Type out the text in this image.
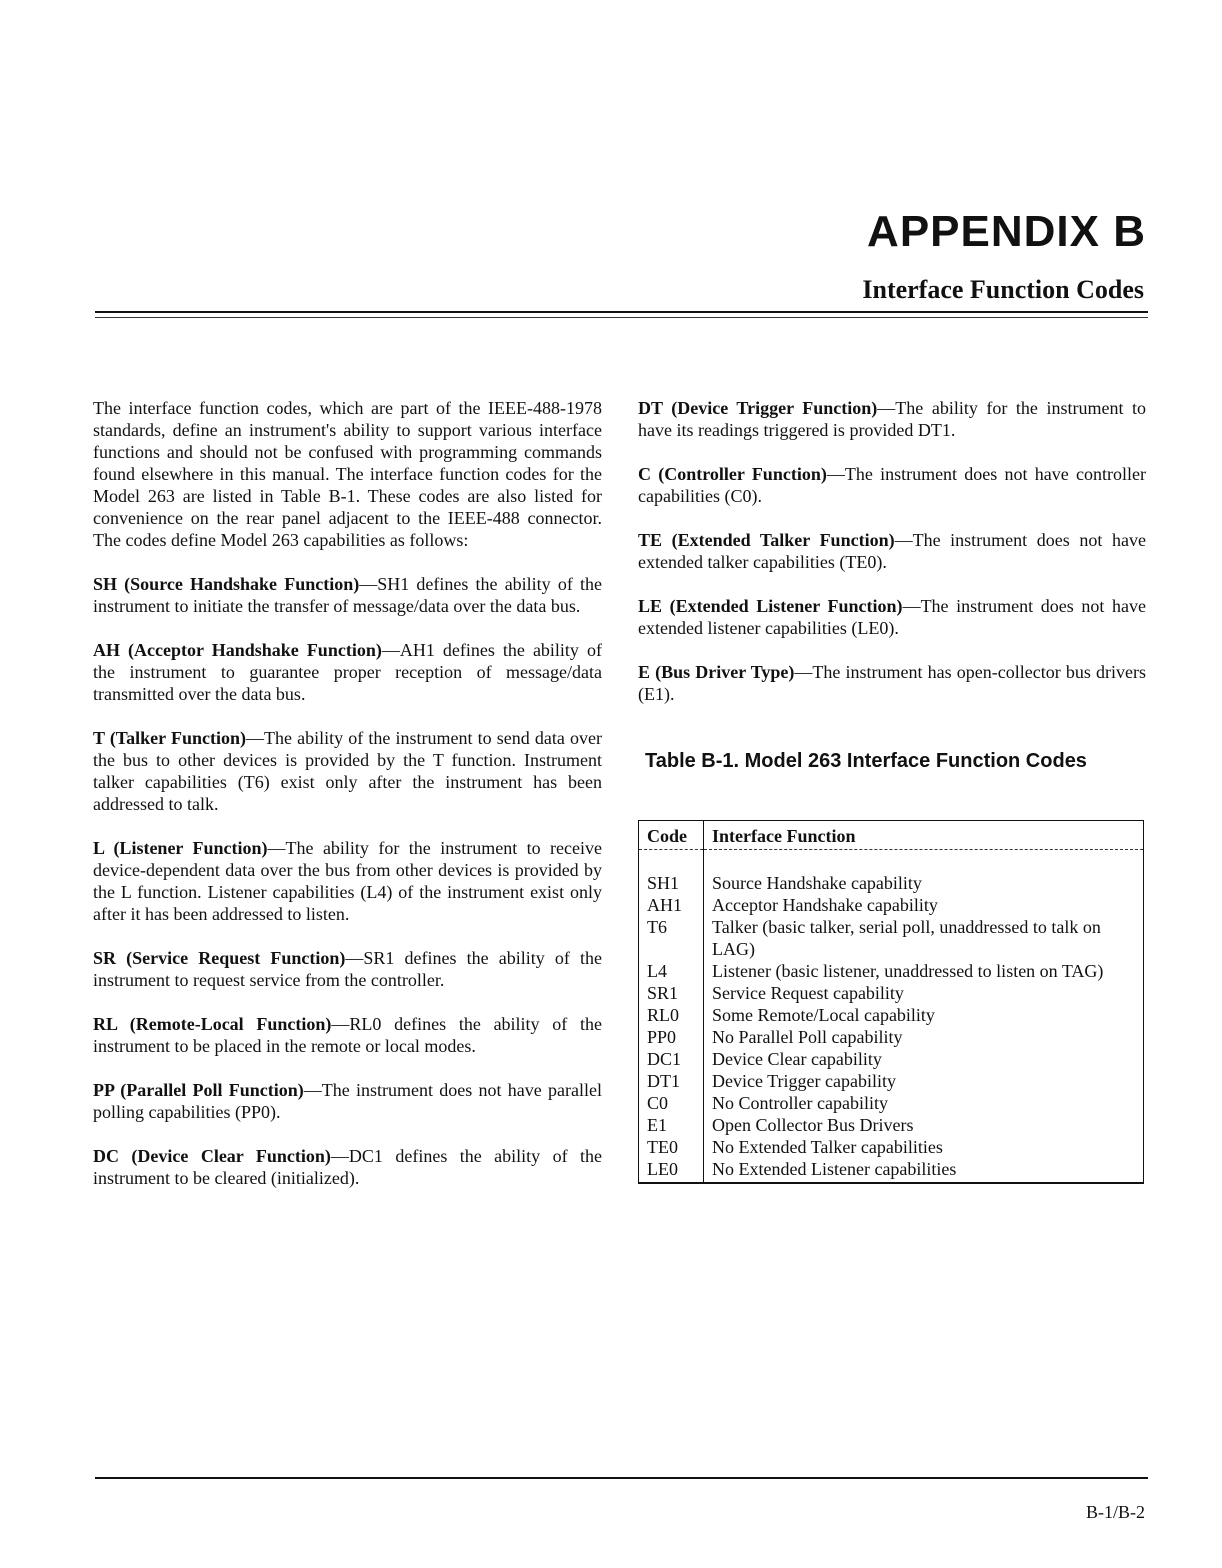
APPENDIX B
Interface Function Codes

The interface function codes, which are part of the IEEE-488-1978 standards, define an instrument's ability to support various interface functions and should not be confused with programming commands found elsewhere in this manual. The interface function codes for the Model 263 are listed in Table B-1. These codes are also listed for convenience on the rear panel adjacent to the IEEE-488 connector. The codes define Model 263 capabilities as follows:

SH (Source Handshake Function)—SH1 defines the ability of the instrument to initiate the transfer of message/data over the data bus.

AH (Acceptor Handshake Function)—AH1 defines the ability of the instrument to guarantee proper reception of message/data transmitted over the data bus.

T (Talker Function)—The ability of the instrument to send data over the bus to other devices is provided by the T function. Instrument talker capabilities (T6) exist only after the instrument has been addressed to talk.

L (Listener Function)—The ability for the instrument to receive device-dependent data over the bus from other devices is provided by the L function. Listener capabilities (L4) of the instrument exist only after it has been addressed to listen.

SR (Service Request Function)—SR1 defines the ability of the instrument to request service from the controller.

RL (Remote-Local Function)—RL0 defines the ability of the instrument to be placed in the remote or local modes.

PP (Parallel Poll Function)—The instrument does not have parallel polling capabilities (PP0).

DC (Device Clear Function)—DC1 defines the ability of the instrument to be cleared (initialized).

DT (Device Trigger Function)—The ability for the instrument to have its readings triggered is provided DT1.

C (Controller Function)—The instrument does not have controller capabilities (C0).

TE (Extended Talker Function)—The instrument does not have extended talker capabilities (TE0).

LE (Extended Listener Function)—The instrument does not have extended listener capabilities (LE0).

E (Bus Driver Type)—The instrument has open-collector bus drivers (E1).

Table B-1. Model 263 Interface Function Codes
Code	Interface Function

SH1	Source Handshake capability
AH1	Acceptor Handshake capability
T6	Talker (basic talker, serial poll, unaddressed to talk on LAG)
L4	Listener (basic listener, unaddressed to listen on TAG)
SR1	Service Request capability
RL0	Some Remote/Local capability
PP0	No Parallel Poll capability
DC1	Device Clear capability
DT1	Device Trigger capability
C0	No Controller capability
E1	Open Collector Bus Drivers
TE0	No Extended Talker capabilities
LE0	No Extended Listener capabilities

B-1/B-2
